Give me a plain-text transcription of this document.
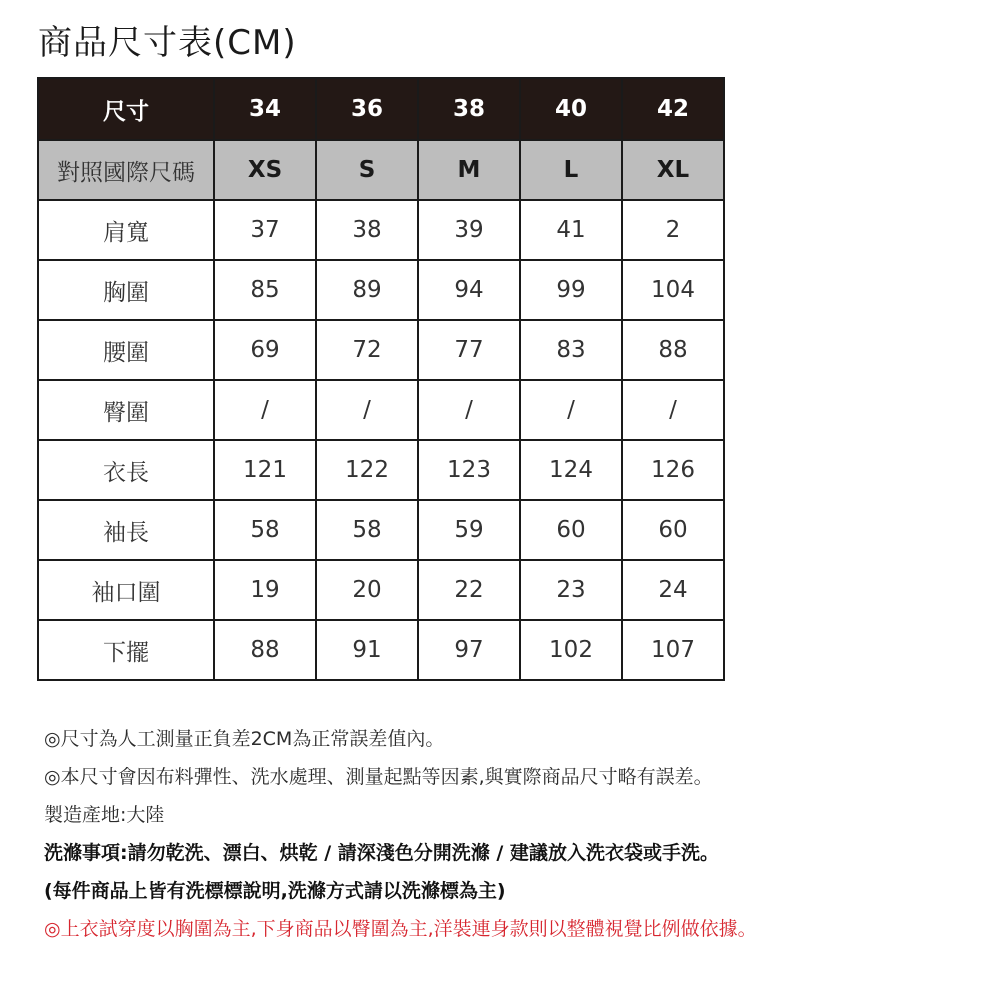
商品尺寸表(CM)
尺寸	34	36	38	40	42
對照國際尺碼	XS	S	M	L	XL
肩寬	37	38	39	41	2
胸圍	85	89	94	99	104
腰圍	69	72	77	83	88
臀圍	/	/	/	/	/
衣長	121	122	123	124	126
袖長	58	58	59	60	60
袖口圍	19	20	22	23	24
下擺	88	91	97	102	107
◎尺寸為人工測量正負差2CM為正常誤差值內。
◎本尺寸會因布料彈性、洗水處理、測量起點等因素,與實際商品尺寸略有誤差。
製造產地:大陸
洗滌事項:請勿乾洗、漂白、烘乾 / 請深淺色分開洗滌 / 建議放入洗衣袋或手洗。
(每件商品上皆有洗標標說明,洗滌方式請以洗滌標為主)
◎上衣試穿度以胸圍為主,下身商品以臀圍為主,洋裝連身款則以整體視覺比例做依據。
